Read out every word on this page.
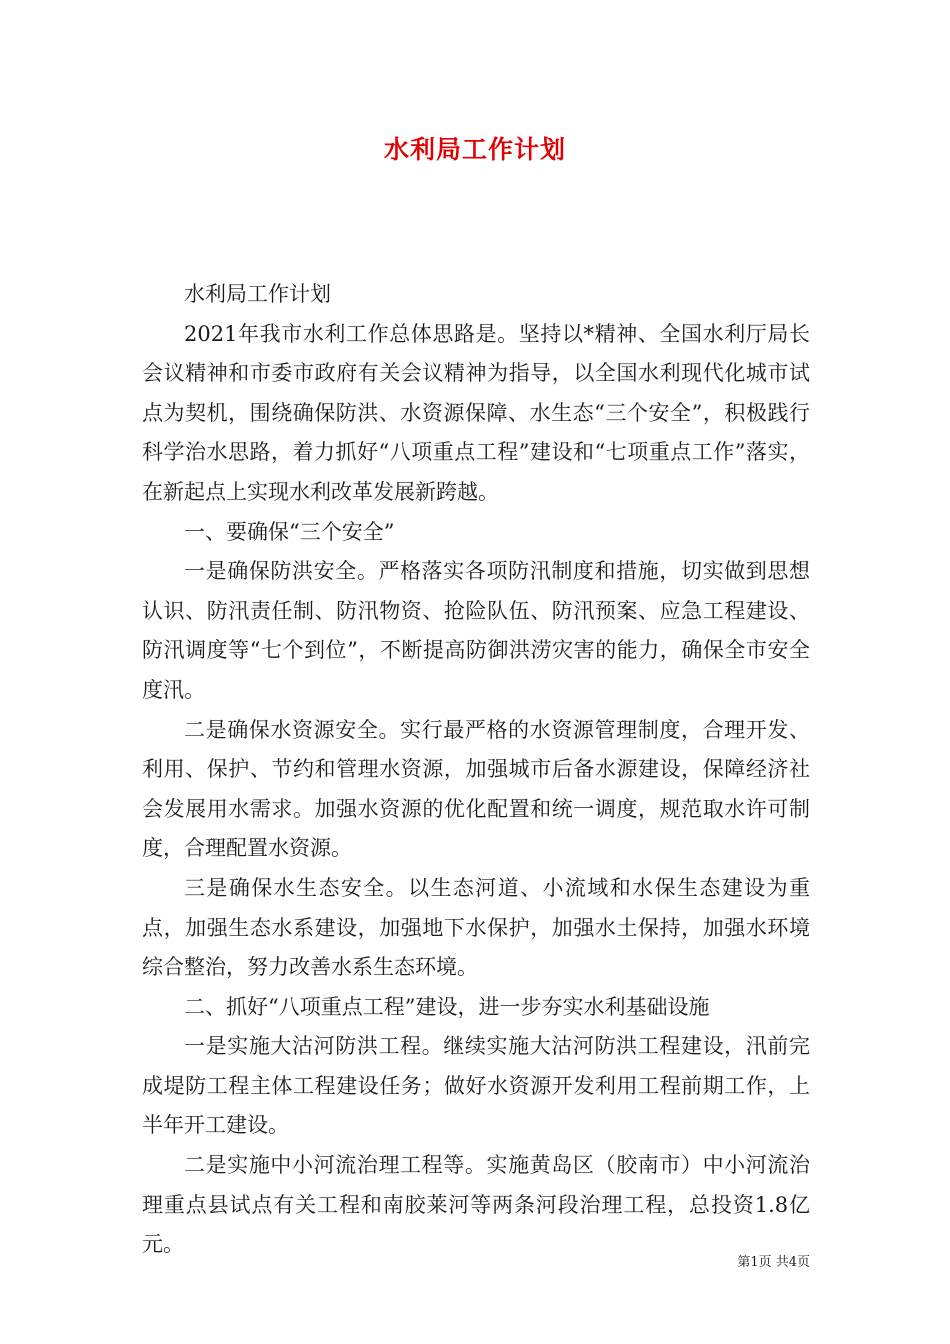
水利局工作计划

水利局工作计划

2021年我市水利工作总体思路是。坚持以*精神、全国水利厅局长会议精神和市委市政府有关会议精神为指导，以全国水利现代化城市试点为契机，围绕确保防洪、水资源保障、水生态“三个安全”，积极践行科学治水思路，着力抓好“八项重点工程”建设和“七项重点工作”落实，在新起点上实现水利改革发展新跨越。

一、要确保“三个安全”

一是确保防洪安全。严格落实各项防汛制度和措施，切实做到思想认识、防汛责任制、防汛物资、抢险队伍、防汛预案、应急工程建设、防汛调度等“七个到位”，不断提高防御洪涝灾害的能力，确保全市安全度汛。

二是确保水资源安全。实行最严格的水资源管理制度，合理开发、利用、保护、节约和管理水资源，加强城市后备水源建设，保障经济社会发展用水需求。加强水资源的优化配置和统一调度，规范取水许可制度，合理配置水资源。

三是确保水生态安全。以生态河道、小流域和水保生态建设为重点，加强生态水系建设，加强地下水保护，加强水土保持，加强水环境综合整治，努力改善水系生态环境。

二、抓好“八项重点工程”建设，进一步夯实水利基础设施

一是实施大沽河防洪工程。继续实施大沽河防洪工程建设，汛前完成堤防工程主体工程建设任务；做好水资源开发利用工程前期工作，上半年开工建设。

二是实施中小河流治理工程等。实施黄岛区（胶南市）中小河流治理重点县试点有关工程和南胶莱河等两条河段治理工程，总投资1.8亿元。

第1页 共4页
